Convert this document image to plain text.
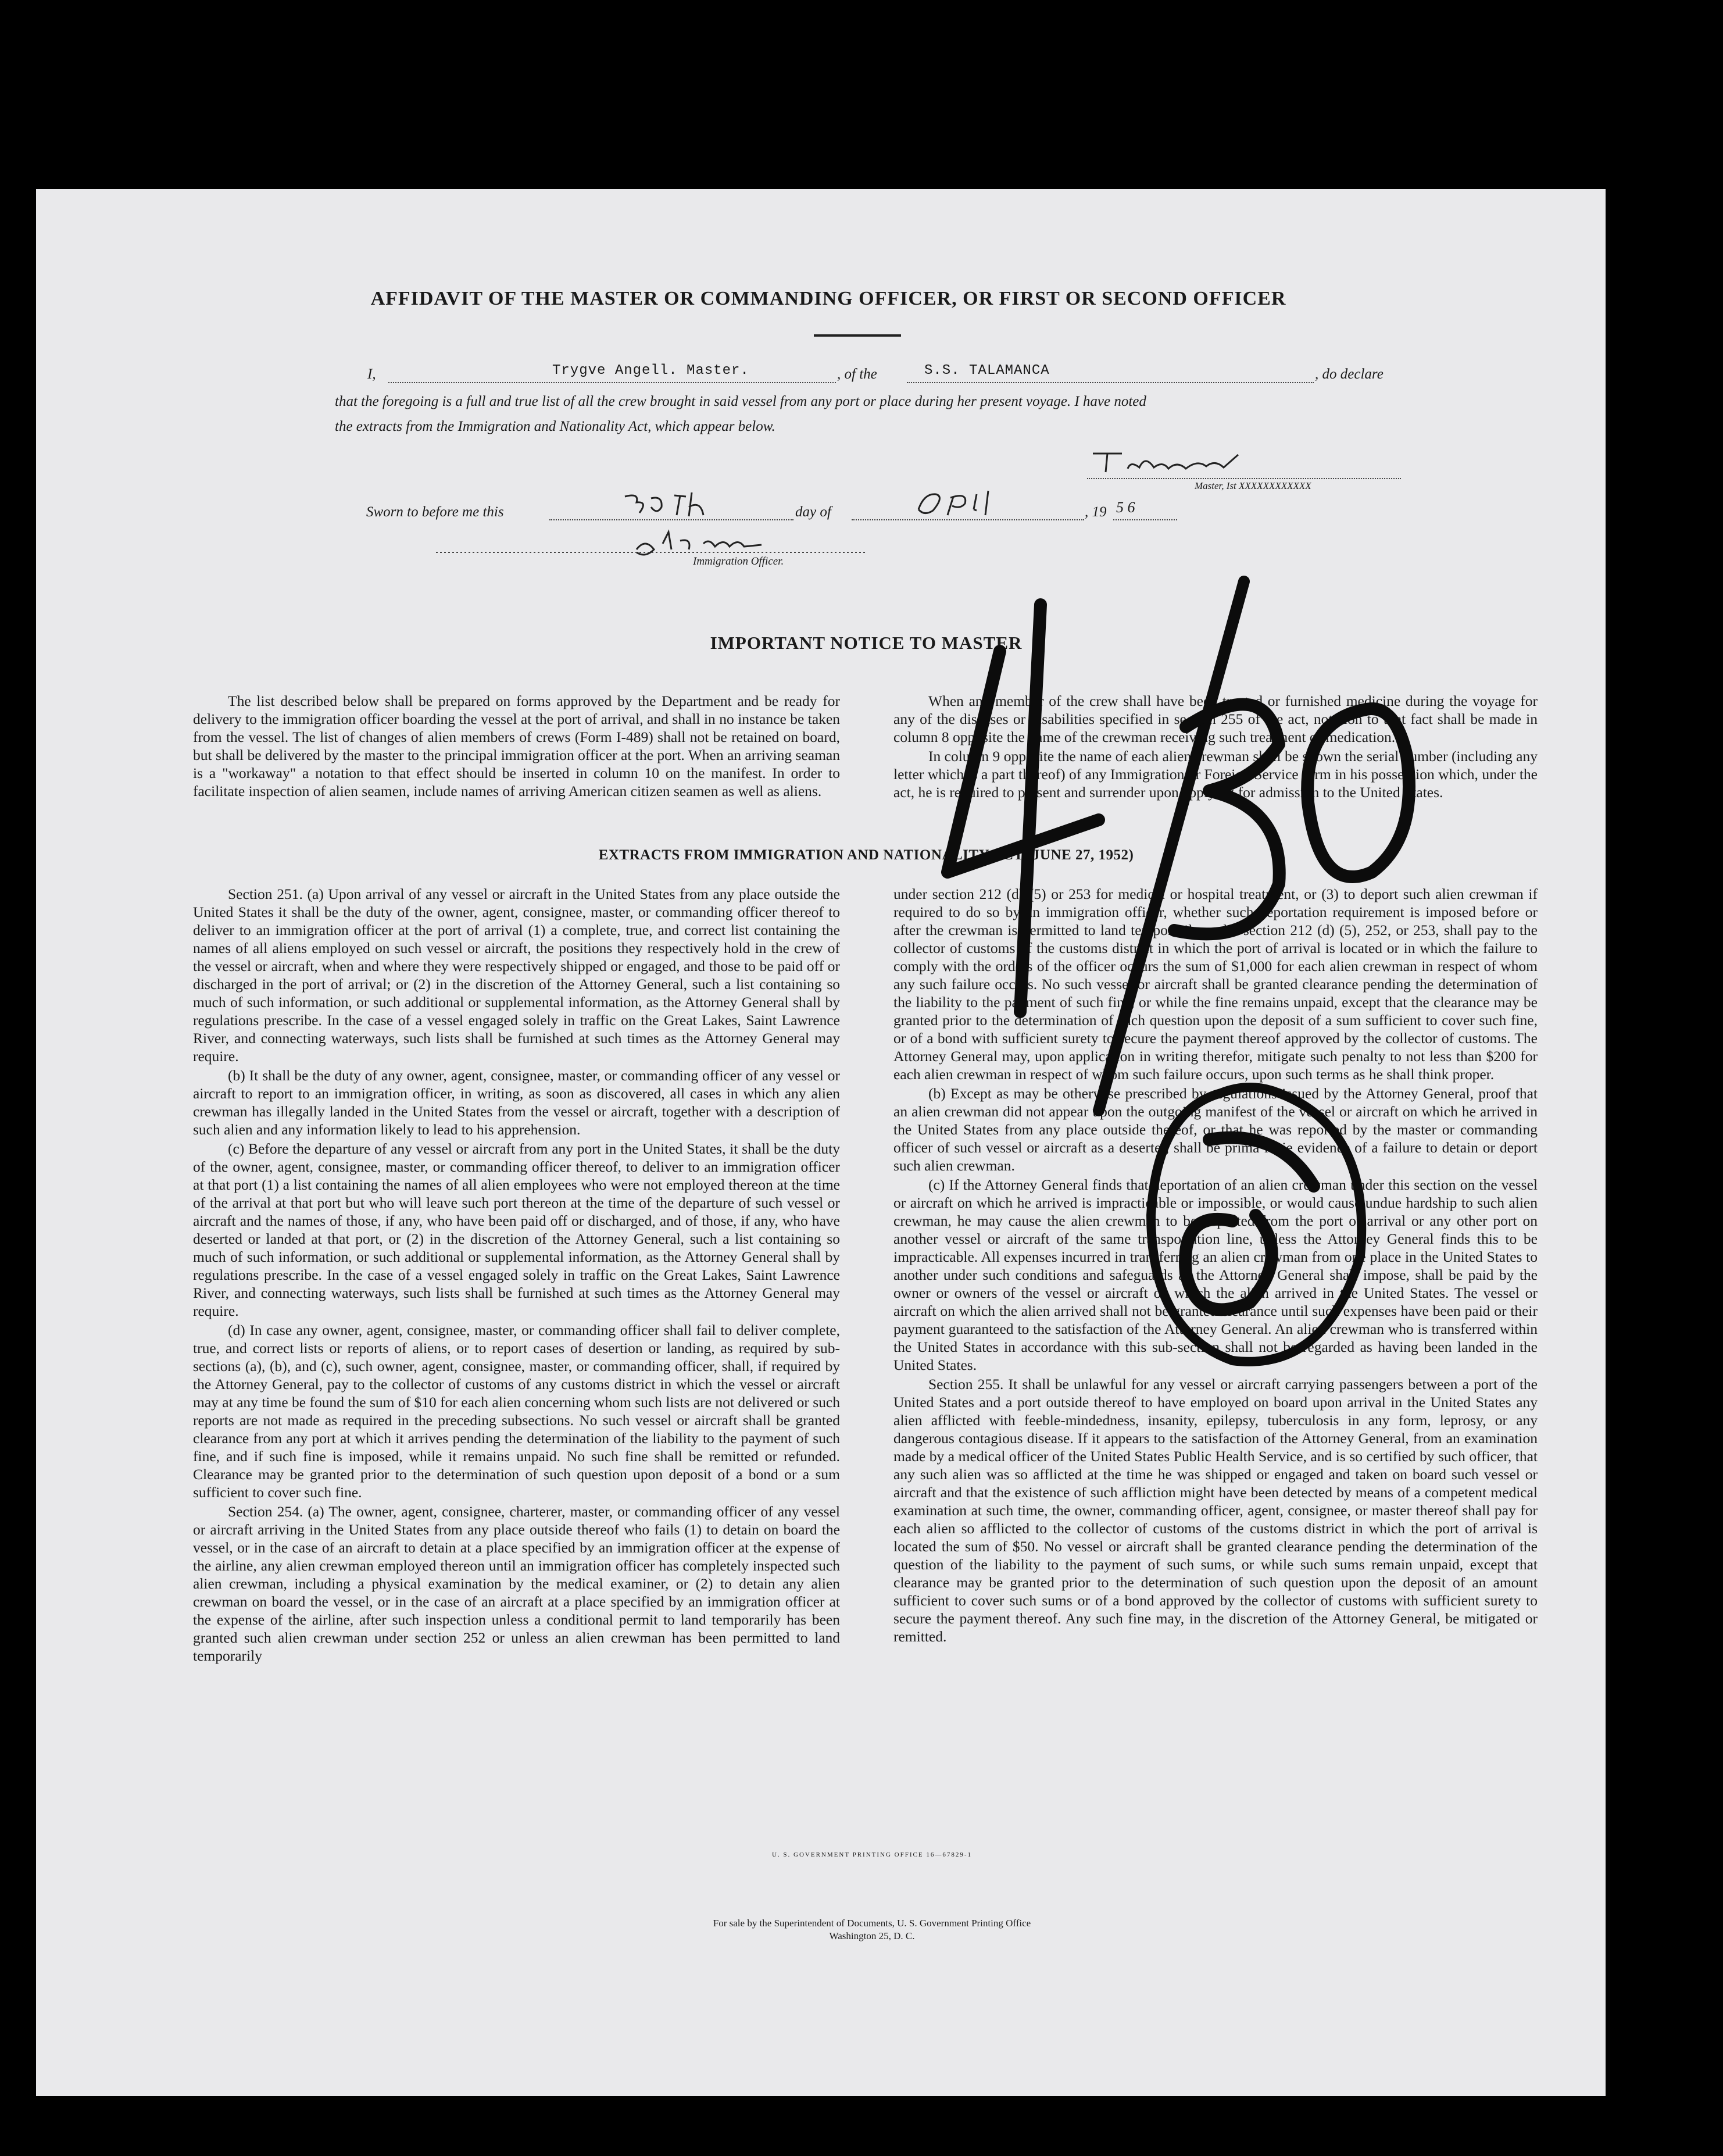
AFFIDAVIT OF THE MASTER OR COMMANDING OFFICER, OR FIRST OR SECOND OFFICER
I,	Trygve Angell. Master.	, of the	S.S. TALAMANCA	, do declare
that the foregoing is a full and true list of all the crew brought in said vessel from any port or place during her present voyage. I have noted
the extracts from the Immigration and Nationality Act, which appear below.
Master, Ist XXXXXXXXXXXX
Sworn to before me this	day of	, 19 5 6
Immigration Officer.
IMPORTANT NOTICE TO MASTER

The list described below shall be prepared on forms approved by the Department and be ready for delivery to the immigration officer boarding the vessel at the port of arrival, and shall in no instance be taken from the vessel. The list of changes of alien members of crews (Form I-489) shall not be retained on board, but shall be delivered by the master to the principal immigration officer at the port. When an arriving seaman is a "workaway" a notation to that effect should be inserted in column 10 on the manifest. In order to facilitate inspection of alien seamen, include names of arriving American citizen seamen as well as aliens.

When any member of the crew shall have been treated or furnished medicine during the voyage for any of the diseases or disabilities specified in section 255 of the act, notation to that fact shall be made in column 8 opposite the name of the crewman receiving such treatment or medication.

In column 9 opposite the name of each alien crewman shall be shown the serial number (including any letter which is a part thereof) of any Immigration or Foreign Service form in his possession which, under the act, he is required to present and surrender upon applying for admission to the United States.

EXTRACTS FROM IMMIGRATION AND NATIONALITY ACT (JUNE 27, 1952)

Section 251. (a) Upon arrival of any vessel or aircraft in the United States from any place outside the United States it shall be the duty of the owner, agent, consignee, master, or commanding officer thereof to deliver to an immigration officer at the port of arrival (1) a complete, true, and correct list containing the names of all aliens employed on such vessel or aircraft, the positions they respectively hold in the crew of the vessel or aircraft, when and where they were respectively shipped or engaged, and those to be paid off or discharged in the port of arrival; or (2) in the discretion of the Attorney General, such a list containing so much of such information, or such additional or supplemental information, as the Attorney General shall by regulations prescribe. In the case of a vessel engaged solely in traffic on the Great Lakes, Saint Lawrence River, and connecting waterways, such lists shall be furnished at such times as the Attorney General may require.

(b) It shall be the duty of any owner, agent, consignee, master, or commanding officer of any vessel or aircraft to report to an immigration officer, in writing, as soon as discovered, all cases in which any alien crewman has illegally landed in the United States from the vessel or aircraft, together with a description of such alien and any information likely to lead to his apprehension.

(c) Before the departure of any vessel or aircraft from any port in the United States, it shall be the duty of the owner, agent, consignee, master, or commanding officer thereof, to deliver to an immigration officer at that port (1) a list containing the names of all alien employees who were not employed thereon at the time of the arrival at that port but who will leave such port thereon at the time of the departure of such vessel or aircraft and the names of those, if any, who have been paid off or discharged, and of those, if any, who have deserted or landed at that port, or (2) in the discretion of the Attorney General, such a list containing so much of such information, or such additional or supplemental information, as the Attorney General shall by regulations prescribe. In the case of a vessel engaged solely in traffic on the Great Lakes, Saint Lawrence River, and connecting waterways, such lists shall be furnished at such times as the Attorney General may require.

(d) In case any owner, agent, consignee, master, or commanding officer shall fail to deliver complete, true, and correct lists or reports of aliens, or to report cases of desertion or landing, as required by sub-sections (a), (b), and (c), such owner, agent, consignee, master, or commanding officer, shall, if required by the Attorney General, pay to the collector of customs of any customs district in which the vessel or aircraft may at any time be found the sum of $10 for each alien concerning whom such lists are not delivered or such reports are not made as required in the preceding subsections. No such vessel or aircraft shall be granted clearance from any port at which it arrives pending the determination of the liability to the payment of such fine, and if such fine is imposed, while it remains unpaid. No such fine shall be remitted or refunded. Clearance may be granted prior to the determination of such question upon deposit of a bond or a sum sufficient to cover such fine.

Section 254. (a) The owner, agent, consignee, charterer, master, or commanding officer of any vessel or aircraft arriving in the United States from any place outside thereof who fails (1) to detain on board the vessel, or in the case of an aircraft to detain at a place specified by an immigration officer at the expense of the airline, any alien crewman employed thereon until an immigration officer has completely inspected such alien crewman, including a physical examination by the medical examiner, or (2) to detain any alien crewman on board the vessel, or in the case of an aircraft at a place specified by an immigration officer at the expense of the airline, after such inspection unless a conditional permit to land temporarily has been granted such alien crewman under section 252 or unless an alien crewman has been permitted to land temporarily

under section 212 (d) (5) or 253 for medical or hospital treatment, or (3) to deport such alien crewman if required to do so by an immigration officer, whether such deportation requirement is imposed before or after the crewman is permitted to land temporarily under section 212 (d) (5), 252, or 253, shall pay to the collector of customs of the customs district in which the port of arrival is located or in which the failure to comply with the orders of the officer occurs the sum of $1,000 for each alien crewman in respect of whom any such failure occurs. No such vessel or aircraft shall be granted clearance pending the determination of the liability to the payment of such fine, or while the fine remains unpaid, except that the clearance may be granted prior to the determination of such question upon the deposit of a sum sufficient to cover such fine, or of a bond with sufficient surety to secure the payment thereof approved by the collector of customs. The Attorney General may, upon application in writing therefor, mitigate such penalty to not less than $200 for each alien crewman in respect of whom such failure occurs, upon such terms as he shall think proper.

(b) Except as may be otherwise prescribed by regulations issued by the Attorney General, proof that an alien crewman did not appear upon the outgoing manifest of the vessel or aircraft on which he arrived in the United States from any place outside thereof, or that he was reported by the master or commanding officer of such vessel or aircraft as a deserter, shall be prima facie evidence of a failure to detain or deport such alien crewman.

(c) If the Attorney General finds that deportation of an alien crewman under this section on the vessel or aircraft on which he arrived is impracticable or impossible, or would cause undue hardship to such alien crewman, he may cause the alien crewman to be deported from the port of arrival or any other port on another vessel or aircraft of the same transportation line, unless the Attorney General finds this to be impracticable. All expenses incurred in transferring an alien crewman from one place in the United States to another under such conditions and safeguards as the Attorney General shall impose, shall be paid by the owner or owners of the vessel or aircraft on which the alien arrived in the United States. The vessel or aircraft on which the alien arrived shall not be granted clearance until such expenses have been paid or their payment guaranteed to the satisfaction of the Attorney General. An alien crewman who is transferred within the United States in accordance with this sub-section shall not be regarded as having been landed in the United States.

Section 255. It shall be unlawful for any vessel or aircraft carrying passengers between a port of the United States and a port outside thereof to have employed on board upon arrival in the United States any alien afflicted with feeble-mindedness, insanity, epilepsy, tuberculosis in any form, leprosy, or any dangerous contagious disease. If it appears to the satisfaction of the Attorney General, from an examination made by a medical officer of the United States Public Health Service, and is so certified by such officer, that any such alien was so afflicted at the time he was shipped or engaged and taken on board such vessel or aircraft and that the existence of such affliction might have been detected by means of a competent medical examination at such time, the owner, commanding officer, agent, consignee, or master thereof shall pay for each alien so afflicted to the collector of customs of the customs district in which the port of arrival is located the sum of $50. No vessel or aircraft shall be granted clearance pending the determination of the question of the liability to the payment of such sums, or while such sums remain unpaid, except that clearance may be granted prior to the determination of such question upon the deposit of an amount sufficient to cover such sums or of a bond approved by the collector of customs with sufficient surety to secure the payment thereof. Any such fine may, in the discretion of the Attorney General, be mitigated or remitted.

U. S. GOVERNMENT PRINTING OFFICE 16—67829-1
For sale by the Superintendent of Documents, U. S. Government Printing Office
Washington 25, D. C.
